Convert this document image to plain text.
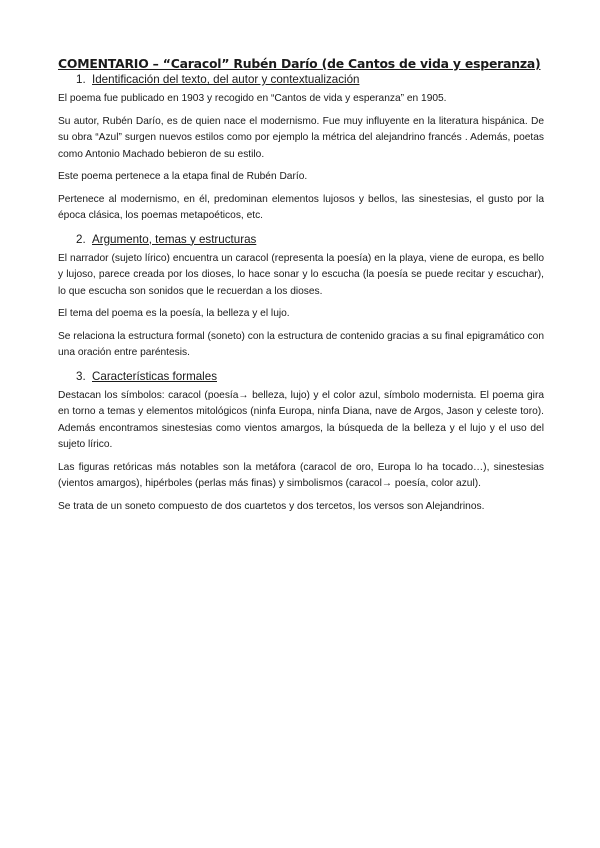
COMENTARIO – “Caracol” Rubén Darío (de Cantos de vida y esperanza)
1. Identificación del texto, del autor y contextualización

El poema fue publicado en 1903 y recogido en “Cantos de vida y esperanza” en 1905.

Su autor, Rubén Darío, es de quien nace el modernismo. Fue muy influyente en la literatura hispánica. De su obra “Azul” surgen nuevos estilos como por ejemplo la métrica del alejandrino francés . Además, poetas como Antonio Machado bebieron de su estilo.

Este poema pertenece a la etapa final de Rubén Darío.

Pertenece al modernismo, en él, predominan elementos lujosos y bellos, las sinestesias, el gusto por la época clásica, los poemas metapoéticos, etc.

2. Argumento, temas y estructuras

El narrador (sujeto lírico) encuentra un caracol (representa la poesía) en la playa, viene de europa, es bello y lujoso, parece creada por los dioses, lo hace sonar y lo escucha (la poesía se puede recitar y escuchar), lo que escucha son sonidos que le recuerdan a los dioses.

El tema del poema es la poesía, la belleza y el lujo.

Se relaciona la estructura formal (soneto) con la estructura de contenido gracias a su final epigramático con una oración entre paréntesis.

3. Características formales

Destacan los símbolos: caracol (poesía→ belleza, lujo) y el color azul, símbolo modernista. El poema gira en torno a temas y elementos mitológicos (ninfa Europa, ninfa Diana, nave de Argos, Jason y celeste toro). Además encontramos sinestesias como vientos amargos, la búsqueda de la belleza y el lujo y el uso del sujeto lírico.

Las figuras retóricas más notables son la metáfora (caracol de oro, Europa lo ha tocado…), sinestesias (vientos amargos), hipérboles (perlas más finas) y simbolismos (caracol→ poesía, color azul).

Se trata de un soneto compuesto de dos cuartetos y dos tercetos, los versos son Alejandrinos.
